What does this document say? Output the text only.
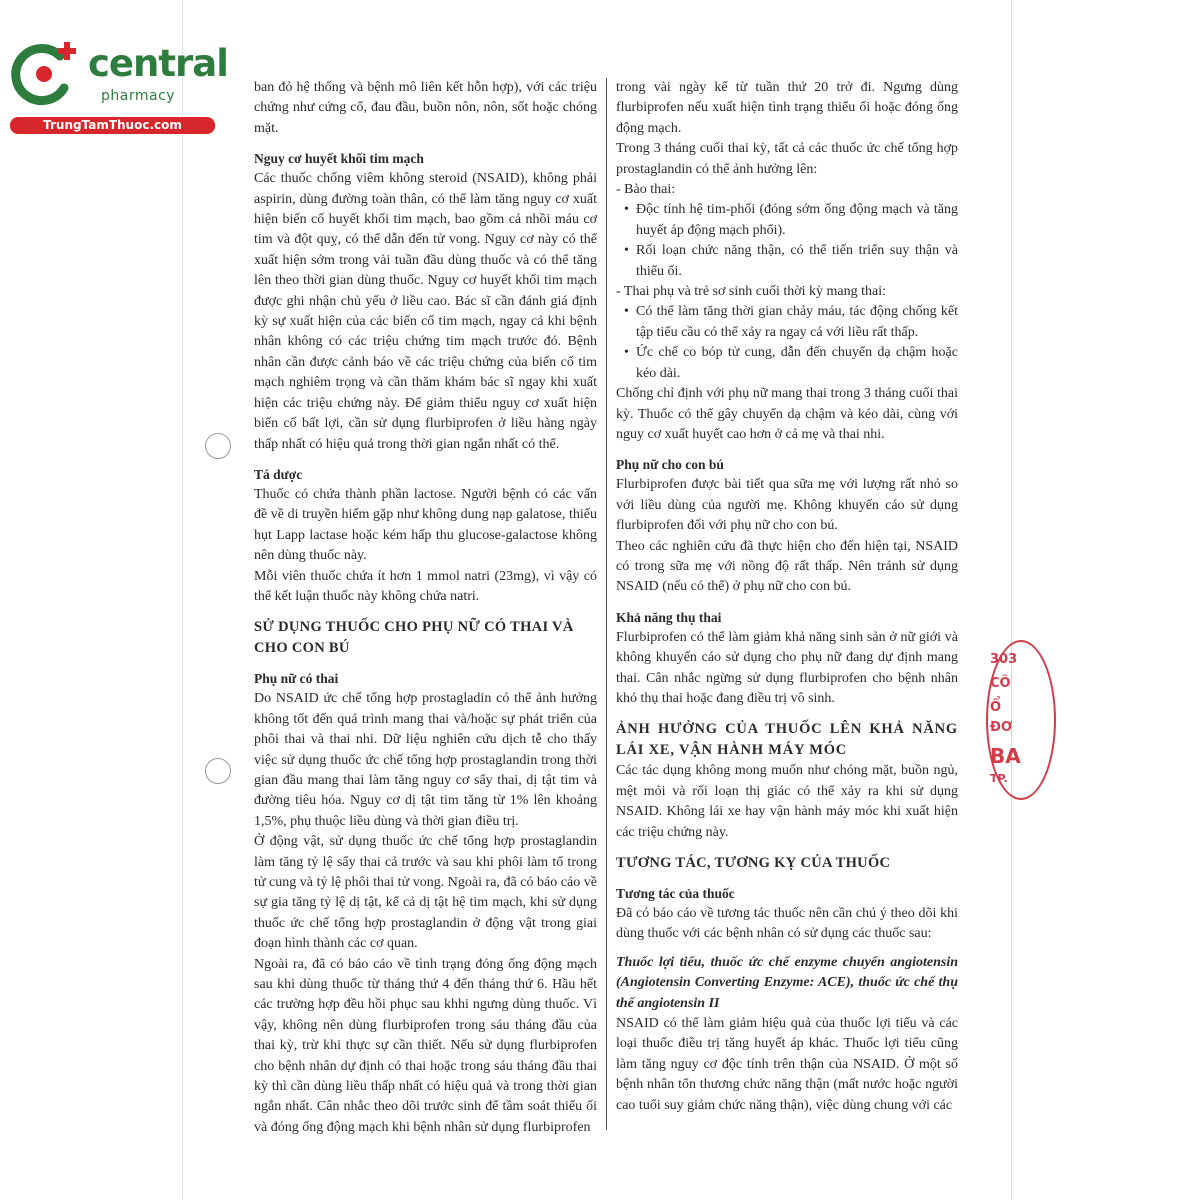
central
pharmacy
TrungTamThuoc.com

ban đỏ hệ thống và bệnh mô liên kết hỗn hợp), với các triệu chứng như cứng cổ, đau đầu, buồn nôn, nôn, sốt hoặc chóng mặt.

Nguy cơ huyết khối tim mạch

Các thuốc chống viêm không steroid (NSAID), không phải aspirin, dùng đường toàn thân, có thể làm tăng nguy cơ xuất hiện biến cố huyết khối tim mạch, bao gồm cả nhồi máu cơ tim và đột quỵ, có thể dẫn đến tử vong. Nguy cơ này có thể xuất hiện sớm trong vài tuần đầu dùng thuốc và có thể tăng lên theo thời gian dùng thuốc. Nguy cơ huyết khối tim mạch được ghi nhận chủ yếu ở liều cao. Bác sĩ cần đánh giá định kỳ sự xuất hiện của các biến cố tim mạch, ngay cả khi bệnh nhân không có các triệu chứng tim mạch trước đó. Bệnh nhân cần được cảnh báo về các triệu chứng của biến cố tim mạch nghiêm trọng và cần thăm khám bác sĩ ngay khi xuất hiện các triệu chứng này. Để giảm thiểu nguy cơ xuất hiện biến cố bất lợi, cần sử dụng flurbiprofen ở liều hàng ngày thấp nhất có hiệu quả trong thời gian ngắn nhất có thể.

Tá dược

Thuốc có chứa thành phần lactose. Người bệnh có các vấn đề về di truyền hiếm gặp như không dung nạp galatose, thiếu hụt Lapp lactase hoặc kém hấp thu glucose-galactose không nên dùng thuốc này.

Mỗi viên thuốc chứa ít hơn 1 mmol natri (23mg), vì vậy có thể kết luận thuốc này không chứa natri.

SỬ DỤNG THUỐC CHO PHỤ NỮ CÓ THAI VÀ CHO CON BÚ
Phụ nữ có thai

Do NSAID ức chế tổng hợp prostagladin có thể ảnh hưởng không tốt đến quá trình mang thai và/hoặc sự phát triển của phôi thai và thai nhi. Dữ liệu nghiên cứu dịch tễ cho thấy việc sử dụng thuốc ức chế tổng hợp prostaglandin trong thời gian đầu mang thai làm tăng nguy cơ sẩy thai, dị tật tim và đường tiêu hóa. Nguy cơ dị tật tim tăng từ 1% lên khoảng 1,5%, phụ thuộc liều dùng và thời gian điều trị.

Ở động vật, sử dụng thuốc ức chế tổng hợp prostaglandin làm tăng tỷ lệ sẩy thai cả trước và sau khi phôi làm tổ trong tử cung và tỷ lệ phôi thai tử vong. Ngoài ra, đã có báo cáo về sự gia tăng tỷ lệ dị tật, kể cả dị tật hệ tim mạch, khi sử dụng thuốc ức chế tổng hợp prostaglandin ở động vật trong giai đoạn hình thành các cơ quan.

Ngoài ra, đã có báo cáo về tình trạng đóng ống động mạch sau khi dùng thuốc từ tháng thứ 4 đến tháng thứ 6. Hầu hết các trường hợp đều hồi phục sau khhi ngưng dùng thuốc. Vì vậy, không nên dùng flurbiprofen trong sáu tháng đầu của thai kỳ, trừ khi thực sự cần thiết. Nếu sử dụng flurbiprofen cho bệnh nhân dự định có thai hoặc trong sáu tháng đầu thai kỳ thì cần dùng liều thấp nhất có hiệu quả và trong thời gian ngắn nhất. Cân nhắc theo dõi trước sinh để tầm soát thiểu ối và đóng ống động mạch khi bệnh nhân sử dụng flurbiprofen

trong vài ngày kể từ tuần thứ 20 trở đi. Ngưng dùng flurbiprofen nếu xuất hiện tình trạng thiểu ối hoặc đóng ống động mạch.

Trong 3 tháng cuối thai kỳ, tất cả các thuốc ức chế tổng hợp prostaglandin có thể ảnh hưởng lên:

- Bào thai:

• Độc tính hệ tim-phổi (đóng sớm ống động mạch và tăng huyết áp động mạch phổi).

• Rối loạn chức năng thận, có thể tiến triển suy thận và thiểu ối.

- Thai phụ và trẻ sơ sinh cuối thời kỳ mang thai:

• Có thể làm tăng thời gian chảy máu, tác động chống kết tập tiểu cầu có thể xảy ra ngay cả với liều rất thấp.

• Ức chế co bóp tử cung, dẫn đến chuyển dạ chậm hoặc kéo dài.

Chống chỉ định với phụ nữ mang thai trong 3 tháng cuối thai kỳ. Thuốc có thể gây chuyển dạ chậm và kéo dài, cùng với nguy cơ xuất huyết cao hơn ở cả mẹ và thai nhi.

Phụ nữ cho con bú

Flurbiprofen được bài tiết qua sữa mẹ với lượng rất nhỏ so với liều dùng của người mẹ. Không khuyến cáo sử dụng flurbiprofen đối với phụ nữ cho con bú.

Theo các nghiên cứu đã thực hiện cho đến hiện tại, NSAID có trong sữa mẹ với nồng độ rất thấp. Nên tránh sử dụng NSAID (nếu có thể) ở phụ nữ cho con bú.

Khả năng thụ thai

Flurbiprofen có thể làm giảm khả năng sinh sản ở nữ giới và không khuyến cáo sử dụng cho phụ nữ đang dự định mang thai. Cân nhắc ngừng sử dụng flurbiprofen cho bệnh nhân khó thụ thai hoặc đang điều trị vô sinh.

ẢNH HƯỞNG CỦA THUỐC LÊN KHẢ NĂNG LÁI XE, VẬN HÀNH MÁY MÓC

Các tác dụng không mong muốn như chóng mặt, buồn ngủ, mệt mỏi và rối loạn thị giác có thể xảy ra khi sử dụng NSAID. Không lái xe hay vận hành máy móc khi xuất hiện các triệu chứng này.

TƯƠNG TÁC, TƯƠNG KỴ CỦA THUỐC
Tương tác của thuốc

Đã có báo cáo về tương tác thuốc nên cần chú ý theo dõi khi dùng thuốc với các bệnh nhân có sử dụng các thuốc sau:

Thuốc lợi tiểu, thuốc ức chế enzyme chuyển angiotensin (Angiotensin Converting Enzyme: ACE), thuốc ức chế thụ thể angiotensin II

NSAID có thể làm giảm hiệu quả của thuốc lợi tiểu và các loại thuốc điều trị tăng huyết áp khác. Thuốc lợi tiểu cũng làm tăng nguy cơ độc tính trên thận của NSAID. Ở một số bệnh nhân tổn thương chức năng thận (mất nước hoặc người cao tuổi suy giảm chức năng thận), việc dùng chung với các

303
CÔ
Ổ
ĐƠ
BA
TP.
